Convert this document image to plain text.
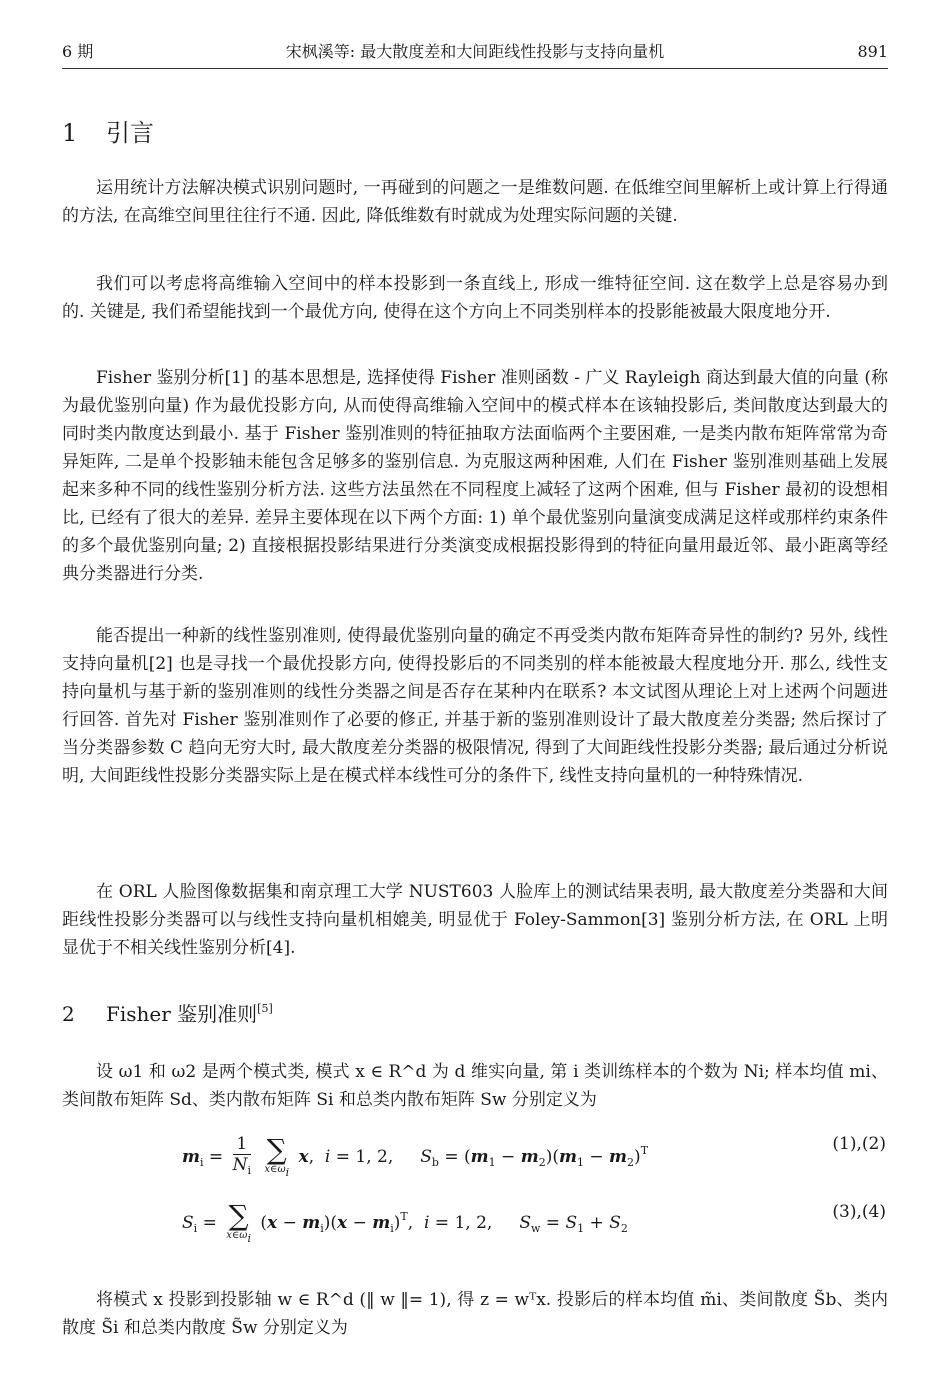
6 期	宋枫溪等: 最大散度差和大间距线性投影与支持向量机	891
1 引言

运用统计方法解决模式识别问题时, 一再碰到的问题之一是维数问题. 在低维空间里解析上或计算上行得通的方法, 在高维空间里往往行不通. 因此, 降低维数有时就成为处理实际问题的关键.

我们可以考虑将高维输入空间中的样本投影到一条直线上, 形成一维特征空间. 这在数学上总是容易办到的. 关键是, 我们希望能找到一个最优方向, 使得在这个方向上不同类别样本的投影能被最大限度地分开.

Fisher 鉴别分析[1] 的基本思想是, 选择使得 Fisher 准则函数 - 广义 Rayleigh 商达到最大值的向量 (称为最优鉴别向量) 作为最优投影方向, 从而使得高维输入空间中的模式样本在该轴投影后, 类间散度达到最大的同时类内散度达到最小. 基于 Fisher 鉴别准则的特征抽取方法面临两个主要困难, 一是类内散布矩阵常常为奇异矩阵, 二是单个投影轴未能包含足够多的鉴别信息. 为克服这两种困难, 人们在 Fisher 鉴别准则基础上发展起来多种不同的线性鉴别分析方法. 这些方法虽然在不同程度上减轻了这两个困难, 但与 Fisher 最初的设想相比, 已经有了很大的差异. 差异主要体现在以下两个方面: 1) 单个最优鉴别向量演变成满足这样或那样约束条件的多个最优鉴别向量; 2) 直接根据投影结果进行分类演变成根据投影得到的特征向量用最近邻、最小距离等经典分类器进行分类.

能否提出一种新的线性鉴别准则, 使得最优鉴别向量的确定不再受类内散布矩阵奇异性的制约? 另外, 线性支持向量机[2] 也是寻找一个最优投影方向, 使得投影后的不同类别的样本能被最大程度地分开. 那么, 线性支持向量机与基于新的鉴别准则的线性分类器之间是否存在某种内在联系? 本文试图从理论上对上述两个问题进行回答. 首先对 Fisher 鉴别准则作了必要的修正, 并基于新的鉴别准则设计了最大散度差分类器; 然后探讨了当分类器参数 C 趋向无穷大时, 最大散度差分类器的极限情况, 得到了大间距线性投影分类器; 最后通过分析说明, 大间距线性投影分类器实际上是在模式样本线性可分的条件下, 线性支持向量机的一种特殊情况.

在 ORL 人脸图像数据集和南京理工大学 NUST603 人脸库上的测试结果表明, 最大散度差分类器和大间距线性投影分类器可以与线性支持向量机相媲美, 明显优于 Foley-Sammon[3] 鉴别分析方法, 在 ORL 上明显优于不相关线性鉴别分析[4].

2 Fisher 鉴别准则[5]

设 ω1 和 ω2 是两个模式类, 模式 x ∈ R^d 为 d 维实向量, 第 i 类训练样本的个数为 Ni; 样本均值 mi、类间散布矩阵 Sd、类内散布矩阵 Si 和总类内散布矩阵 Sw 分别定义为

$m_i = \frac{1}{N_i}$
∑
x∈ωi
x,  i = 1, 2,     $S_b = (m_1 - m_2)(m_1 - m_2)^T$	(1),(2)
$S_i$ = ∑
x∈ωi
$(x - m_i)(x - m_i)^T$,  i = 1, 2,     $S_w = S_1 + S_2$
(3),(4)

将模式 x 投影到投影轴 w ∈ R^d (‖ w ‖= 1), 得 z = wᵀx. 投影后的样本均值 m̃i、类间散度 S̃b、类内散度 S̃i 和总类内散度 S̃w 分别定义为
